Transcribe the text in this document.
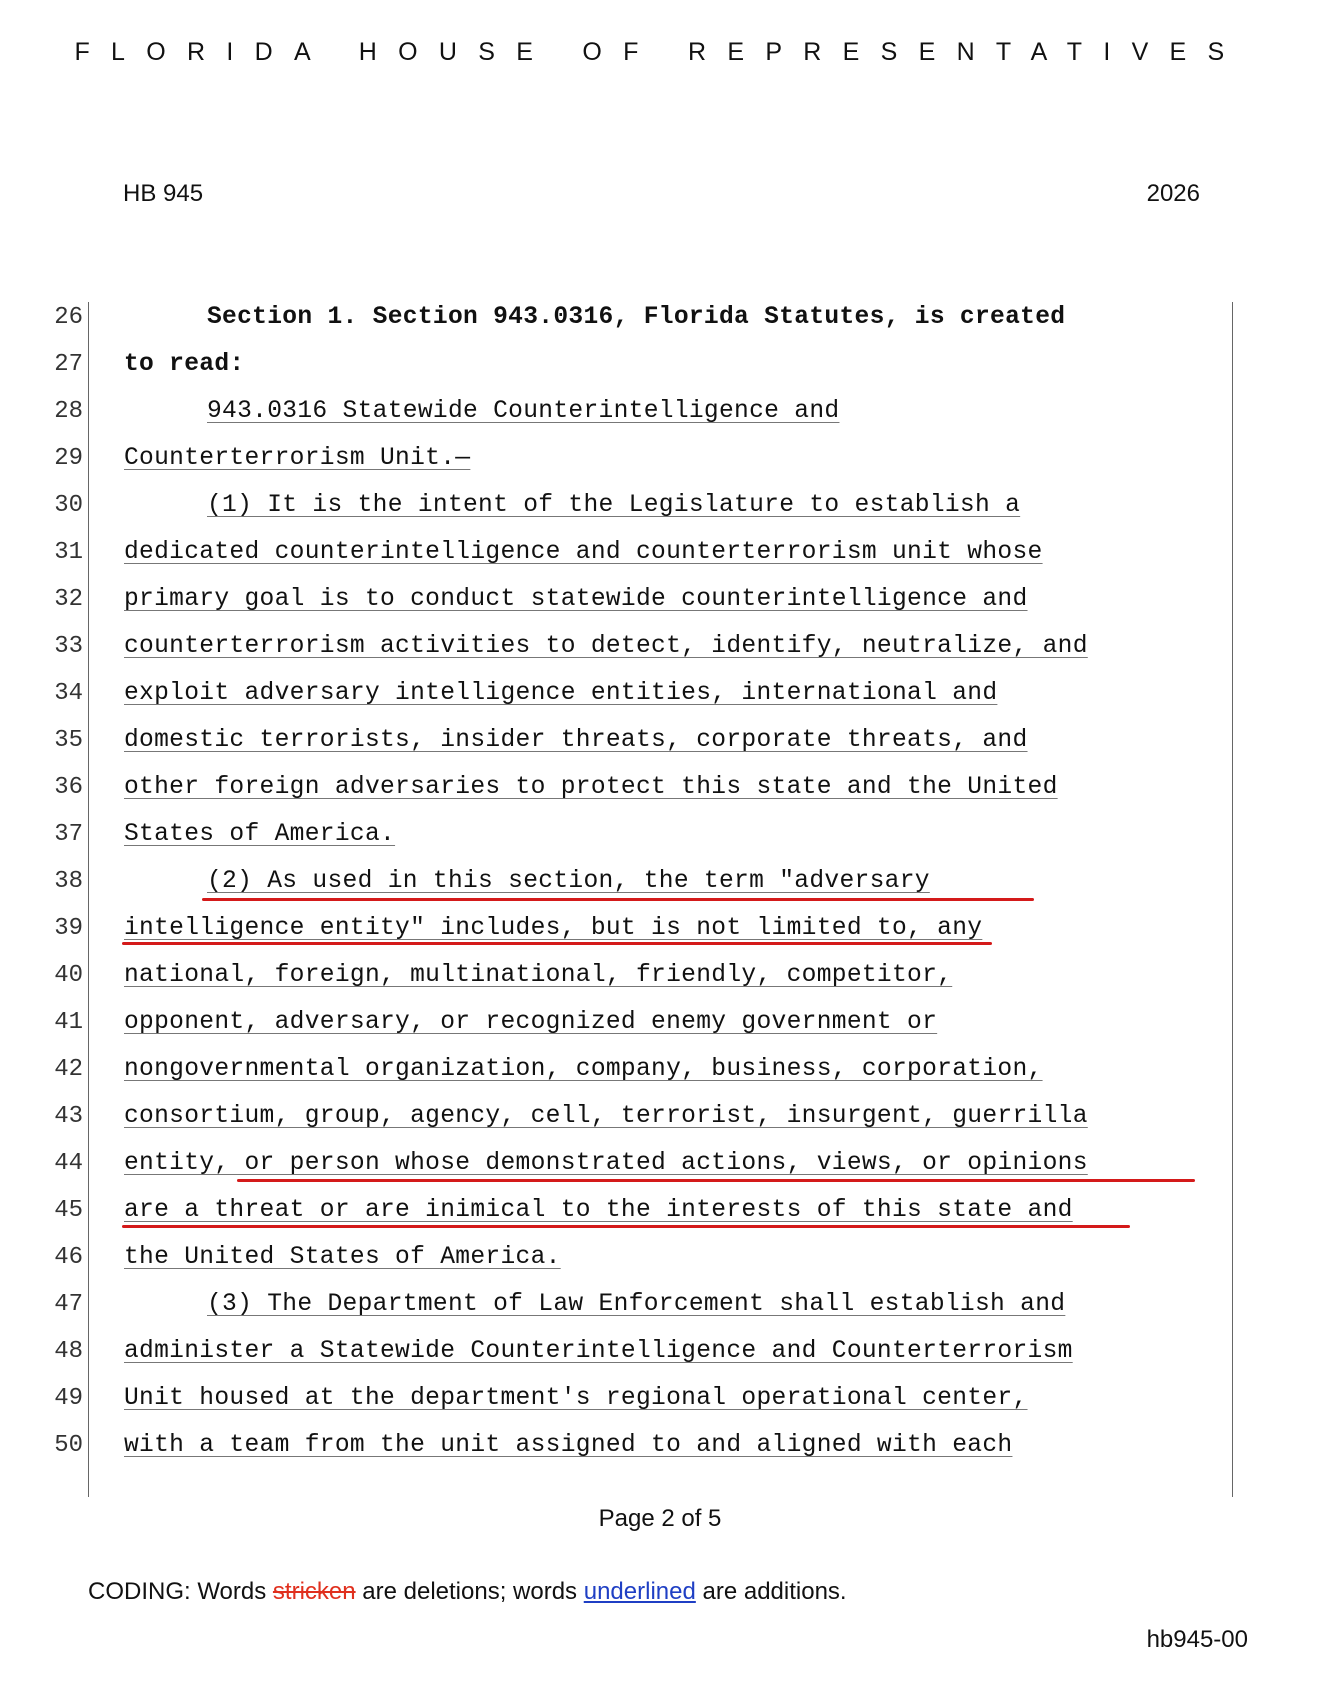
FLORIDA HOUSE OF REPRESENTATIVES
HB 945	2026
26	Section 1. Section 943.0316, Florida Statutes, is created
27 to read:
28	943.0316 Statewide Counterintelligence and
29 Counterterrorism Unit.—
30	(1) It is the intent of the Legislature to establish a
31 dedicated counterintelligence and counterterrorism unit whose
32 primary goal is to conduct statewide counterintelligence and
33 counterterrorism activities to detect, identify, neutralize, and
34 exploit adversary intelligence entities, international and
35 domestic terrorists, insider threats, corporate threats, and
36 other foreign adversaries to protect this state and the United
37 States of America.
38	(2) As used in this section, the term "adversary
39 intelligence entity" includes, but is not limited to, any
40 national, foreign, multinational, friendly, competitor,
41 opponent, adversary, or recognized enemy government or
42 nongovernmental organization, company, business, corporation,
43 consortium, group, agency, cell, terrorist, insurgent, guerrilla
44 entity, or person whose demonstrated actions, views, or opinions
45 are a threat or are inimical to the interests of this state and
46 the United States of America.
47	(3) The Department of Law Enforcement shall establish and
48 administer a Statewide Counterintelligence and Counterterrorism
49 Unit housed at the department's regional operational center,
50 with a team from the unit assigned to and aligned with each
Page 2 of 5
CODING: Words stricken are deletions; words underlined are additions.
hb945-00
